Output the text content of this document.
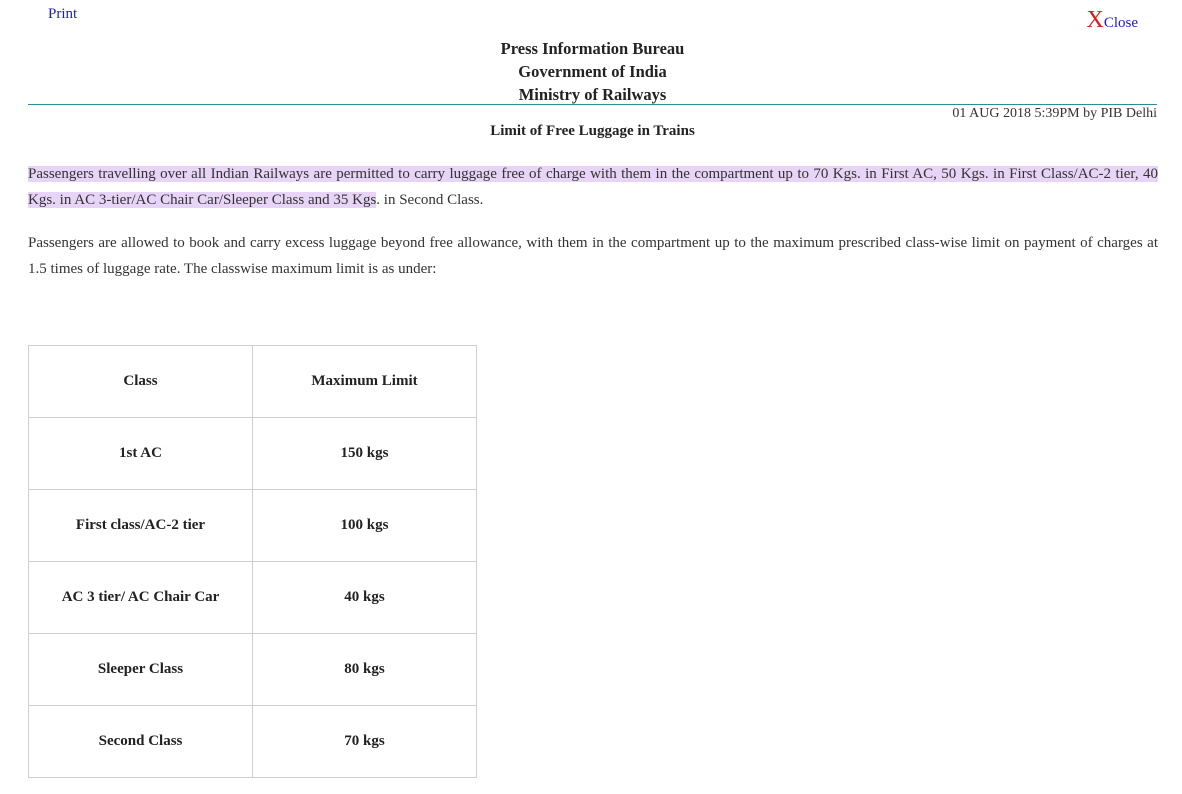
Print	X Close
Press Information Bureau
Government of India
Ministry of Railways
01 AUG 2018 5:39PM by PIB Delhi
Limit of Free Luggage in Trains

Passengers travelling over all Indian Railways are permitted to carry luggage free of charge with them in the compartment up to 70 Kgs. in First AC, 50 Kgs. in First Class/AC-2 tier, 40 Kgs. in AC 3-tier/AC Chair Car/Sleeper Class and 35 Kgs. in Second Class.

Passengers are allowed to book and carry excess luggage beyond free allowance, with them in the compartment up to the maximum prescribed class-wise limit on payment of charges at 1.5 times of luggage rate. The classwise maximum limit is as under:

Class	Maximum Limit
1st AC	150 kgs
First class/AC-2 tier	100 kgs
AC 3 tier/ AC Chair Car	40 kgs
Sleeper Class	80 kgs
Second Class	70 kgs
